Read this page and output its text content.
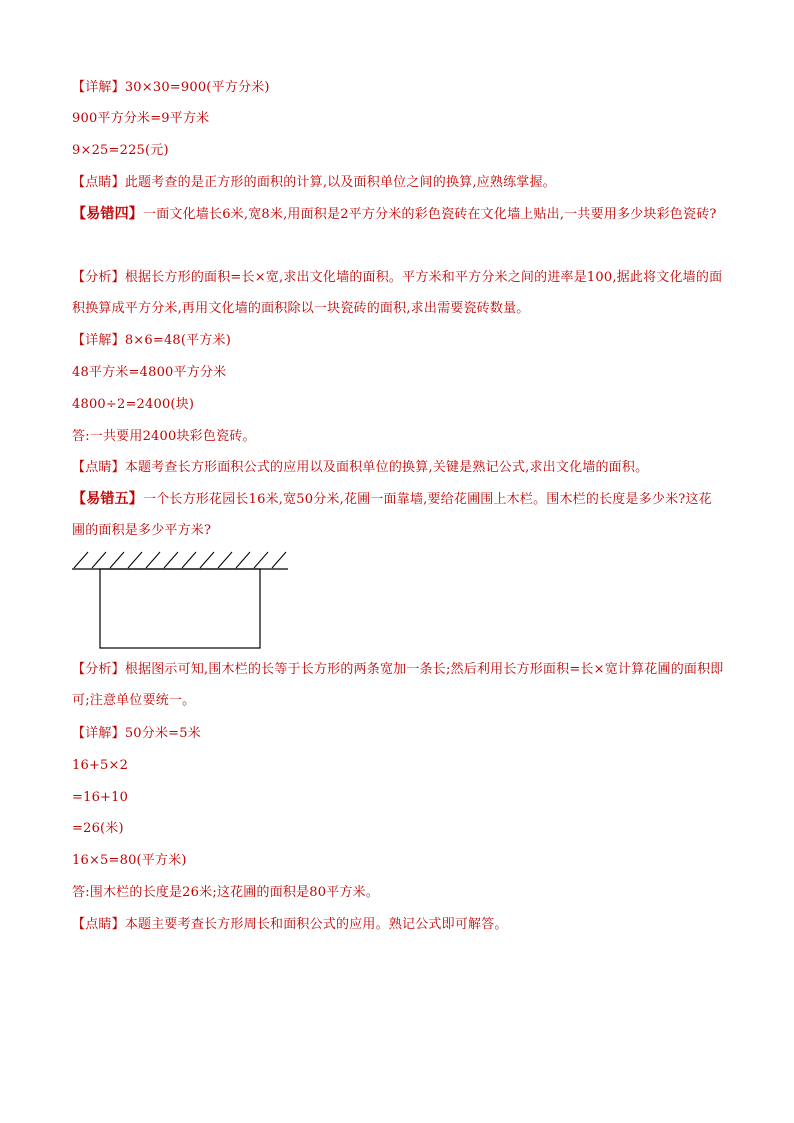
【详解】30×30=900(平方分米)
900平方分米=9平方米
9×25=225(元)
【点睛】此题考查的是正方形的面积的计算,以及面积单位之间的换算,应熟练掌握。
【易错四】一面文化墙长6米,宽8米,用面积是2平方分米的彩色瓷砖在文化墙上贴出,一共要用多少块彩色瓷砖?
【分析】根据长方形的面积=长×宽,求出文化墙的面积。平方米和平方分米之间的进率是100,据此将文化墙的面积换算成平方分米,再用文化墙的面积除以一块瓷砖的面积,求出需要瓷砖数量。
【详解】8×6=48(平方米)
48平方米=4800平方分米
4800÷2=2400(块)
答:一共要用2400块彩色瓷砖。
【点睛】本题考查长方形面积公式的应用以及面积单位的换算,关键是熟记公式,求出文化墙的面积。
【易错五】一个长方形花园长16米,宽50分米,花圃一面靠墙,要给花圃围上木栏。围木栏的长度是多少米?这花圃的面积是多少平方米?
【分析】根据图示可知,围木栏的长等于长方形的两条宽加一条长;然后利用长方形面积=长×宽计算花圃的面积即可;注意单位要统一。
【详解】50分米=5米
16+5×2
=16+10
=26(米)
16×5=80(平方米)
答:围木栏的长度是26米;这花圃的面积是80平方米。
【点睛】本题主要考查长方形周长和面积公式的应用。熟记公式即可解答。
